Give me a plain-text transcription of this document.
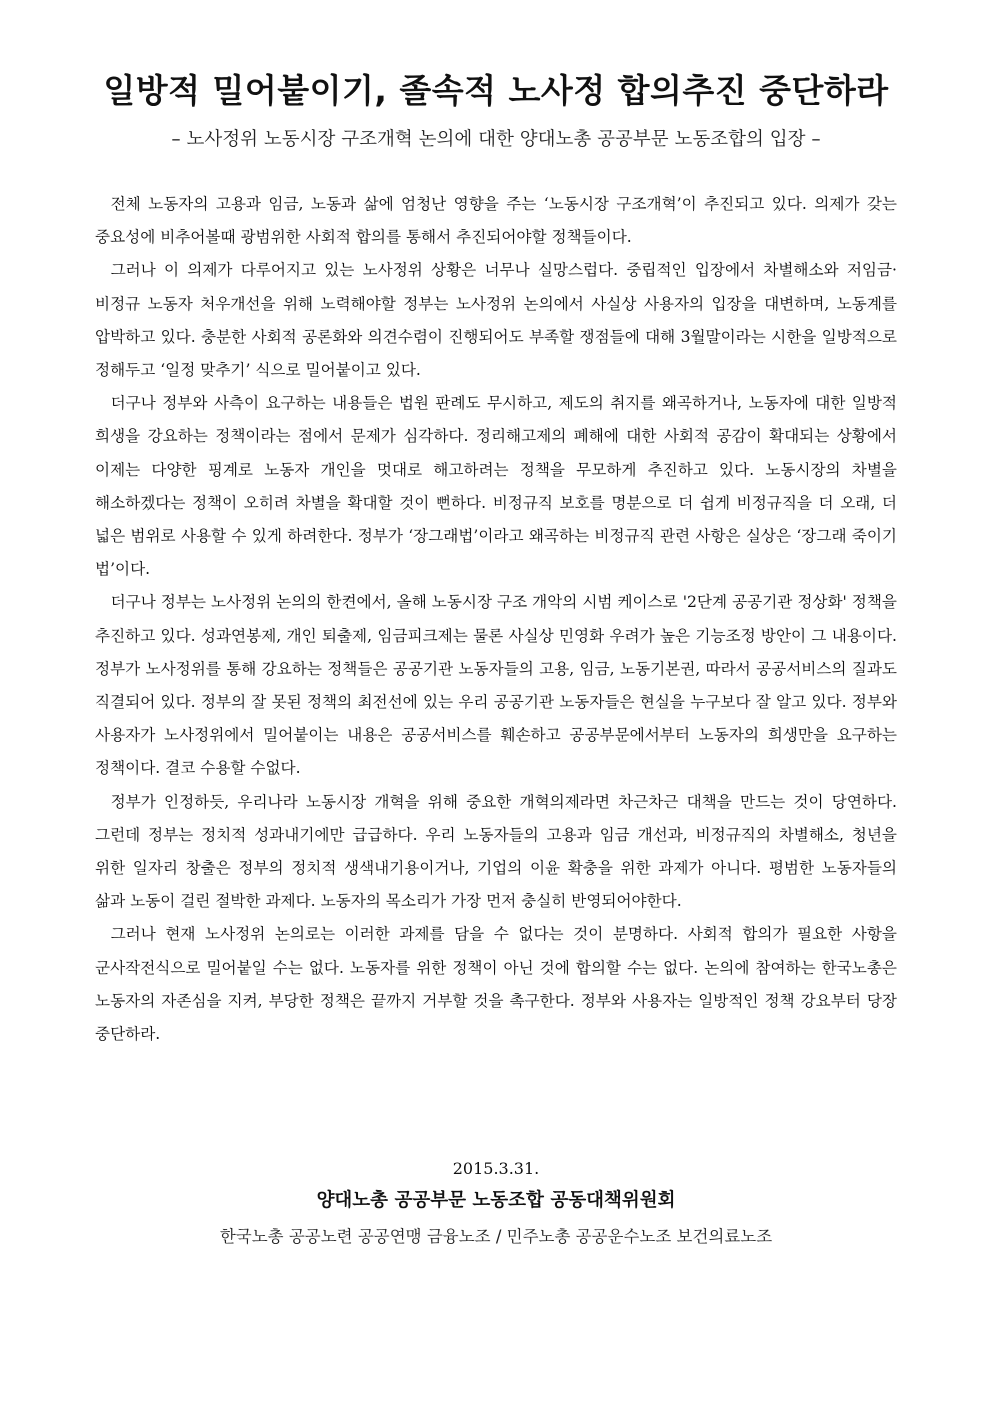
일방적 밀어붙이기, 졸속적 노사정 합의추진 중단하라

– 노사정위 노동시장 구조개혁 논의에 대한 양대노총 공공부문 노동조합의 입장 –

전체 노동자의 고용과 임금, 노동과 삶에 엄청난 영향을 주는 ‘노동시장 구조개혁’이 추진되고 있다. 의제가 갖는 중요성에 비추어볼때 광범위한 사회적 합의를 통해서 추진되어야할 정책들이다.

그러나 이 의제가 다루어지고 있는 노사정위 상황은 너무나 실망스럽다. 중립적인 입장에서 차별해소와 저임금·비정규 노동자 처우개선을 위해 노력해야할 정부는 노사정위 논의에서 사실상 사용자의 입장을 대변하며, 노동계를 압박하고 있다. 충분한 사회적 공론화와 의견수렴이 진행되어도 부족할 쟁점들에 대해 3월말이라는 시한을 일방적으로 정해두고 ‘일정 맞추기’ 식으로 밀어붙이고 있다.

더구나 정부와 사측이 요구하는 내용들은 법원 판례도 무시하고, 제도의 취지를 왜곡하거나, 노동자에 대한 일방적 희생을 강요하는 정책이라는 점에서 문제가 심각하다. 정리해고제의 폐해에 대한 사회적 공감이 확대되는 상황에서 이제는 다양한 핑계로 노동자 개인을 멋대로 해고하려는 정책을 무모하게 추진하고 있다. 노동시장의 차별을 해소하겠다는 정책이 오히려 차별을 확대할 것이 뻔하다. 비정규직 보호를 명분으로 더 쉽게 비정규직을 더 오래, 더 넓은 범위로 사용할 수 있게 하려한다. 정부가 ‘장그래법’이라고 왜곡하는 비정규직 관련 사항은 실상은 ‘장그래 죽이기 법’이다.

더구나 정부는 노사정위 논의의 한켠에서, 올해 노동시장 구조 개악의 시범 케이스로 '2단계 공공기관 정상화' 정책을 추진하고 있다. 성과연봉제, 개인 퇴출제, 임금피크제는 물론 사실상 민영화 우려가 높은 기능조정 방안이 그 내용이다. 정부가 노사정위를 통해 강요하는 정책들은 공공기관 노동자들의 고용, 임금, 노동기본권, 따라서 공공서비스의 질과도 직결되어 있다. 정부의 잘 못된 정책의 최전선에 있는 우리 공공기관 노동자들은 현실을 누구보다 잘 알고 있다. 정부와 사용자가 노사정위에서 밀어붙이는 내용은 공공서비스를 훼손하고 공공부문에서부터 노동자의 희생만을 요구하는 정책이다. 결코 수용할 수없다.

정부가 인정하듯, 우리나라 노동시장 개혁을 위해 중요한 개혁의제라면 차근차근 대책을 만드는 것이 당연하다. 그런데 정부는 정치적 성과내기에만 급급하다. 우리 노동자들의 고용과 임금 개선과, 비정규직의 차별해소, 청년을 위한 일자리 창출은 정부의 정치적 생색내기용이거나, 기업의 이윤 확충을 위한 과제가 아니다. 평범한 노동자들의 삶과 노동이 걸린 절박한 과제다. 노동자의 목소리가 가장 먼저 충실히 반영되어야한다.

그러나 현재 노사정위 논의로는 이러한 과제를 담을 수 없다는 것이 분명하다. 사회적 합의가 필요한 사항을 군사작전식으로 밀어붙일 수는 없다. 노동자를 위한 정책이 아닌 것에 합의할 수는 없다. 논의에 참여하는 한국노총은 노동자의 자존심을 지켜, 부당한 정책은 끝까지 거부할 것을 촉구한다. 정부와 사용자는 일방적인 정책 강요부터 당장 중단하라.

2015.3.31.
양대노총 공공부문 노동조합 공동대책위원회
한국노총 공공노련 공공연맹 금융노조 / 민주노총 공공운수노조 보건의료노조
